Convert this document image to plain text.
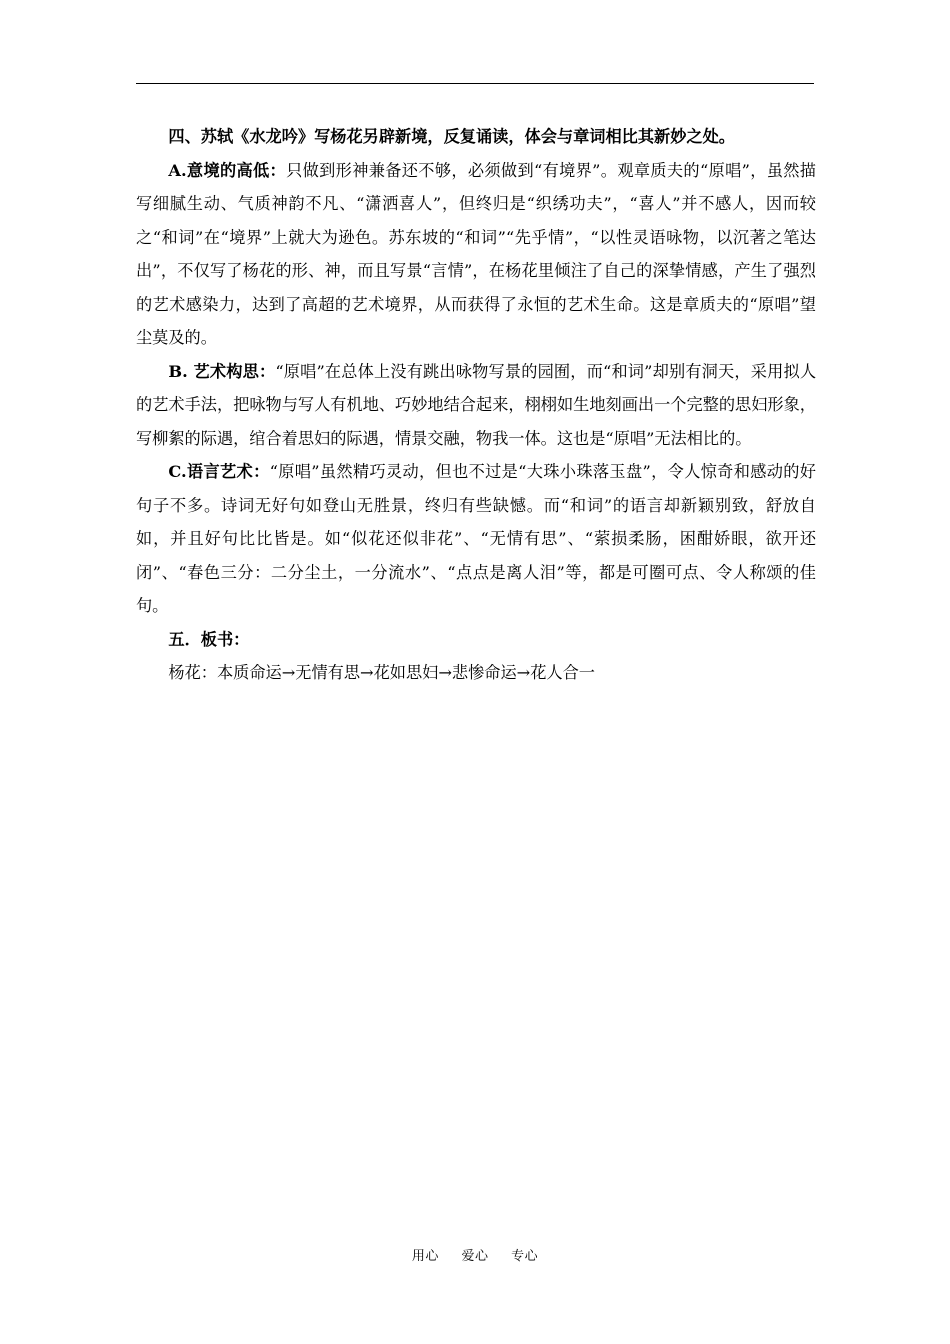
四、苏轼《水龙吟》写杨花另辟新境，反复诵读，体会与章词相比其新妙之处。

A.意境的高低：只做到形神兼备还不够，必须做到“有境界”。观章质夫的“原唱”，虽然描写细腻生动、气质神韵不凡、“潇洒喜人”，但终归是“织绣功夫”，“喜人”并不感人，因而较之“和词”在“境界”上就大为逊色。苏东坡的“和词”“先乎情”，“以性灵语咏物，以沉著之笔达出”，不仅写了杨花的形、神，而且写景“言情”，在杨花里倾注了自己的深挚情感，产生了强烈的艺术感染力，达到了高超的艺术境界，从而获得了永恒的艺术生命。这是章质夫的“原唱”望尘莫及的。

B. 艺术构思：“原唱”在总体上没有跳出咏物写景的园囿，而“和词”却别有洞天，采用拟人的艺术手法，把咏物与写人有机地、巧妙地结合起来，栩栩如生地刻画出一个完整的思妇形象，写柳絮的际遇，绾合着思妇的际遇，情景交融，物我一体。这也是“原唱”无法相比的。

C.语言艺术：“原唱”虽然精巧灵动，但也不过是“大珠小珠落玉盘”，令人惊奇和感动的好句子不多。诗词无好句如登山无胜景，终归有些缺憾。而“和词”的语言却新颖别致，舒放自如，并且好句比比皆是。如“似花还似非花”、“无情有思”、“萦损柔肠，困酣娇眼，欲开还闭”、“春色三分：二分尘土，一分流水”、“点点是离人泪”等，都是可圈可点、令人称颂的佳句。

五．板书：

杨花：本质命运→无情有思→花如思妇→悲惨命运→花人合一

用心 爱心 专心
